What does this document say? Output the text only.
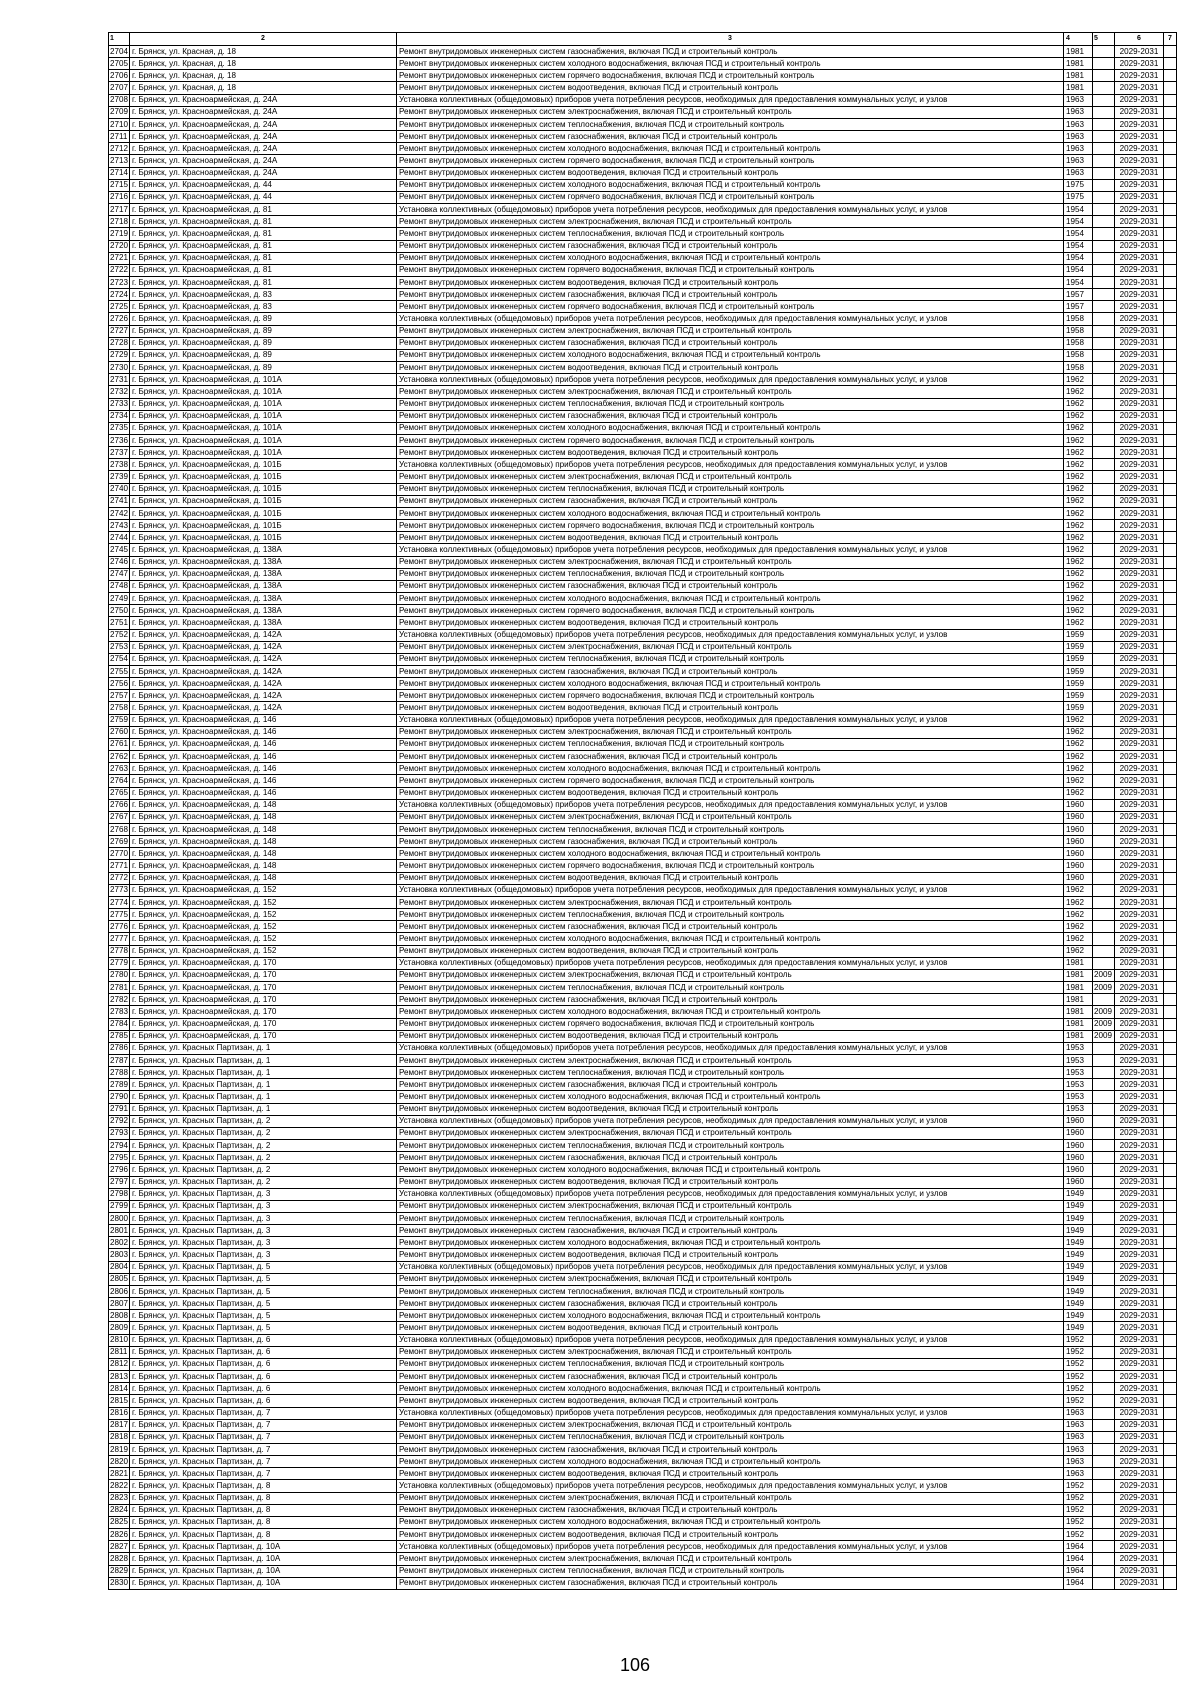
1	2	3	4	5	6	7
2704	г. Брянск, ул. Красная, д. 18	Ремонт внутридомовых инженерных систем газоснабжения, включая ПСД и строительный контроль	1981		2029-2031	
2705	г. Брянск, ул. Красная, д. 18	Ремонт внутридомовых инженерных систем холодного водоснабжения, включая ПСД и строительный контроль	1981		2029-2031	
2706	г. Брянск, ул. Красная, д. 18	Ремонт внутридомовых инженерных систем горячего водоснабжения, включая ПСД и строительный контроль	1981		2029-2031	
2707	г. Брянск, ул. Красная, д. 18	Ремонт внутридомовых инженерных систем водоотведения, включая ПСД и строительный контроль	1981		2029-2031	
2708	г. Брянск, ул. Красноармейская, д. 24А	Установка коллективных (общедомовых) приборов учета потребления ресурсов, необходимых для предоставления коммунальных услуг, и узлов	1963		2029-2031	
2709	г. Брянск, ул. Красноармейская, д. 24А	Ремонт внутридомовых инженерных систем электроснабжения, включая ПСД и строительный контроль	1963		2029-2031	
2710	г. Брянск, ул. Красноармейская, д. 24А	Ремонт внутридомовых инженерных систем теплоснабжения, включая ПСД и строительный контроль	1963		2029-2031	
2711	г. Брянск, ул. Красноармейская, д. 24А	Ремонт внутридомовых инженерных систем газоснабжения, включая ПСД и строительный контроль	1963		2029-2031	
2712	г. Брянск, ул. Красноармейская, д. 24А	Ремонт внутридомовых инженерных систем холодного водоснабжения, включая ПСД и строительный контроль	1963		2029-2031	
2713	г. Брянск, ул. Красноармейская, д. 24А	Ремонт внутридомовых инженерных систем горячего водоснабжения, включая ПСД и строительный контроль	1963		2029-2031	
2714	г. Брянск, ул. Красноармейская, д. 24А	Ремонт внутридомовых инженерных систем водоотведения, включая ПСД и строительный контроль	1963		2029-2031	
2715	г. Брянск, ул. Красноармейская, д. 44	Ремонт внутридомовых инженерных систем холодного водоснабжения, включая ПСД и строительный контроль	1975		2029-2031	
2716	г. Брянск, ул. Красноармейская, д. 44	Ремонт внутридомовых инженерных систем горячего водоснабжения, включая ПСД и строительный контроль	1975		2029-2031	
2717	г. Брянск, ул. Красноармейская, д. 81	Установка коллективных (общедомовых) приборов учета потребления ресурсов, необходимых для предоставления коммунальных услуг, и узлов	1954		2029-2031	
2718	г. Брянск, ул. Красноармейская, д. 81	Ремонт внутридомовых инженерных систем электроснабжения, включая ПСД и строительный контроль	1954		2029-2031	
2719	г. Брянск, ул. Красноармейская, д. 81	Ремонт внутридомовых инженерных систем теплоснабжения, включая ПСД и строительный контроль	1954		2029-2031	
2720	г. Брянск, ул. Красноармейская, д. 81	Ремонт внутридомовых инженерных систем газоснабжения, включая ПСД и строительный контроль	1954		2029-2031	
2721	г. Брянск, ул. Красноармейская, д. 81	Ремонт внутридомовых инженерных систем холодного водоснабжения, включая ПСД и строительный контроль	1954		2029-2031	
2722	г. Брянск, ул. Красноармейская, д. 81	Ремонт внутридомовых инженерных систем горячего водоснабжения, включая ПСД и строительный контроль	1954		2029-2031	
2723	г. Брянск, ул. Красноармейская, д. 81	Ремонт внутридомовых инженерных систем водоотведения, включая ПСД и строительный контроль	1954		2029-2031	
2724	г. Брянск, ул. Красноармейская, д. 83	Ремонт внутридомовых инженерных систем газоснабжения, включая ПСД и строительный контроль	1957		2029-2031	
2725	г. Брянск, ул. Красноармейская, д. 83	Ремонт внутридомовых инженерных систем горячего водоснабжения, включая ПСД и строительный контроль	1957		2029-2031	
2726	г. Брянск, ул. Красноармейская, д. 89	Установка коллективных (общедомовых) приборов учета потребления ресурсов, необходимых для предоставления коммунальных услуг, и узлов	1958		2029-2031	
2727	г. Брянск, ул. Красноармейская, д. 89	Ремонт внутридомовых инженерных систем электроснабжения, включая ПСД и строительный контроль	1958		2029-2031	
2728	г. Брянск, ул. Красноармейская, д. 89	Ремонт внутридомовых инженерных систем газоснабжения, включая ПСД и строительный контроль	1958		2029-2031	
2729	г. Брянск, ул. Красноармейская, д. 89	Ремонт внутридомовых инженерных систем холодного водоснабжения, включая ПСД и строительный контроль	1958		2029-2031	
2730	г. Брянск, ул. Красноармейская, д. 89	Ремонт внутридомовых инженерных систем водоотведения, включая ПСД и строительный контроль	1958		2029-2031	
2731	г. Брянск, ул. Красноармейская, д. 101А	Установка коллективных (общедомовых) приборов учета потребления ресурсов, необходимых для предоставления коммунальных услуг, и узлов	1962		2029-2031	
2732	г. Брянск, ул. Красноармейская, д. 101А	Ремонт внутридомовых инженерных систем электроснабжения, включая ПСД и строительный контроль	1962		2029-2031	
2733	г. Брянск, ул. Красноармейская, д. 101А	Ремонт внутридомовых инженерных систем теплоснабжения, включая ПСД и строительный контроль	1962		2029-2031	
2734	г. Брянск, ул. Красноармейская, д. 101А	Ремонт внутридомовых инженерных систем газоснабжения, включая ПСД и строительный контроль	1962		2029-2031	
2735	г. Брянск, ул. Красноармейская, д. 101А	Ремонт внутридомовых инженерных систем холодного водоснабжения, включая ПСД и строительный контроль	1962		2029-2031	
2736	г. Брянск, ул. Красноармейская, д. 101А	Ремонт внутридомовых инженерных систем горячего водоснабжения, включая ПСД и строительный контроль	1962		2029-2031	
2737	г. Брянск, ул. Красноармейская, д. 101А	Ремонт внутридомовых инженерных систем водоотведения, включая ПСД и строительный контроль	1962		2029-2031	
2738	г. Брянск, ул. Красноармейская, д. 101Б	Установка коллективных (общедомовых) приборов учета потребления ресурсов, необходимых для предоставления коммунальных услуг, и узлов	1962		2029-2031	
2739	г. Брянск, ул. Красноармейская, д. 101Б	Ремонт внутридомовых инженерных систем электроснабжения, включая ПСД и строительный контроль	1962		2029-2031	
2740	г. Брянск, ул. Красноармейская, д. 101Б	Ремонт внутридомовых инженерных систем теплоснабжения, включая ПСД и строительный контроль	1962		2029-2031	
2741	г. Брянск, ул. Красноармейская, д. 101Б	Ремонт внутридомовых инженерных систем газоснабжения, включая ПСД и строительный контроль	1962		2029-2031	
2742	г. Брянск, ул. Красноармейская, д. 101Б	Ремонт внутридомовых инженерных систем холодного водоснабжения, включая ПСД и строительный контроль	1962		2029-2031	
2743	г. Брянск, ул. Красноармейская, д. 101Б	Ремонт внутридомовых инженерных систем горячего водоснабжения, включая ПСД и строительный контроль	1962		2029-2031	
2744	г. Брянск, ул. Красноармейская, д. 101Б	Ремонт внутридомовых инженерных систем водоотведения, включая ПСД и строительный контроль	1962		2029-2031	
2745	г. Брянск, ул. Красноармейская, д. 138А	Установка коллективных (общедомовых) приборов учета потребления ресурсов, необходимых для предоставления коммунальных услуг, и узлов	1962		2029-2031	
2746	г. Брянск, ул. Красноармейская, д. 138А	Ремонт внутридомовых инженерных систем электроснабжения, включая ПСД и строительный контроль	1962		2029-2031	
2747	г. Брянск, ул. Красноармейская, д. 138А	Ремонт внутридомовых инженерных систем теплоснабжения, включая ПСД и строительный контроль	1962		2029-2031	
2748	г. Брянск, ул. Красноармейская, д. 138А	Ремонт внутридомовых инженерных систем газоснабжения, включая ПСД и строительный контроль	1962		2029-2031	
2749	г. Брянск, ул. Красноармейская, д. 138А	Ремонт внутридомовых инженерных систем холодного водоснабжения, включая ПСД и строительный контроль	1962		2029-2031	
2750	г. Брянск, ул. Красноармейская, д. 138А	Ремонт внутридомовых инженерных систем горячего водоснабжения, включая ПСД и строительный контроль	1962		2029-2031	
2751	г. Брянск, ул. Красноармейская, д. 138А	Ремонт внутридомовых инженерных систем водоотведения, включая ПСД и строительный контроль	1962		2029-2031	
2752	г. Брянск, ул. Красноармейская, д. 142А	Установка коллективных (общедомовых) приборов учета потребления ресурсов, необходимых для предоставления коммунальных услуг, и узлов	1959		2029-2031	
2753	г. Брянск, ул. Красноармейская, д. 142А	Ремонт внутридомовых инженерных систем электроснабжения, включая ПСД и строительный контроль	1959		2029-2031	
2754	г. Брянск, ул. Красноармейская, д. 142А	Ремонт внутридомовых инженерных систем теплоснабжения, включая ПСД и строительный контроль	1959		2029-2031	
2755	г. Брянск, ул. Красноармейская, д. 142А	Ремонт внутридомовых инженерных систем газоснабжения, включая ПСД и строительный контроль	1959		2029-2031	
2756	г. Брянск, ул. Красноармейская, д. 142А	Ремонт внутридомовых инженерных систем холодного водоснабжения, включая ПСД и строительный контроль	1959		2029-2031	
2757	г. Брянск, ул. Красноармейская, д. 142А	Ремонт внутридомовых инженерных систем горячего водоснабжения, включая ПСД и строительный контроль	1959		2029-2031	
2758	г. Брянск, ул. Красноармейская, д. 142А	Ремонт внутридомовых инженерных систем водоотведения, включая ПСД и строительный контроль	1959		2029-2031	
2759	г. Брянск, ул. Красноармейская, д. 146	Установка коллективных (общедомовых) приборов учета потребления ресурсов, необходимых для предоставления коммунальных услуг, и узлов	1962		2029-2031	
2760	г. Брянск, ул. Красноармейская, д. 146	Ремонт внутридомовых инженерных систем электроснабжения, включая ПСД и строительный контроль	1962		2029-2031	
2761	г. Брянск, ул. Красноармейская, д. 146	Ремонт внутридомовых инженерных систем теплоснабжения, включая ПСД и строительный контроль	1962		2029-2031	
2762	г. Брянск, ул. Красноармейская, д. 146	Ремонт внутридомовых инженерных систем газоснабжения, включая ПСД и строительный контроль	1962		2029-2031	
2763	г. Брянск, ул. Красноармейская, д. 146	Ремонт внутридомовых инженерных систем холодного водоснабжения, включая ПСД и строительный контроль	1962		2029-2031	
2764	г. Брянск, ул. Красноармейская, д. 146	Ремонт внутридомовых инженерных систем горячего водоснабжения, включая ПСД и строительный контроль	1962		2029-2031	
2765	г. Брянск, ул. Красноармейская, д. 146	Ремонт внутридомовых инженерных систем водоотведения, включая ПСД и строительный контроль	1962		2029-2031	
2766	г. Брянск, ул. Красноармейская, д. 148	Установка коллективных (общедомовых) приборов учета потребления ресурсов, необходимых для предоставления коммунальных услуг, и узлов	1960		2029-2031	
2767	г. Брянск, ул. Красноармейская, д. 148	Ремонт внутридомовых инженерных систем электроснабжения, включая ПСД и строительный контроль	1960		2029-2031	
2768	г. Брянск, ул. Красноармейская, д. 148	Ремонт внутридомовых инженерных систем теплоснабжения, включая ПСД и строительный контроль	1960		2029-2031	
2769	г. Брянск, ул. Красноармейская, д. 148	Ремонт внутридомовых инженерных систем газоснабжения, включая ПСД и строительный контроль	1960		2029-2031	
2770	г. Брянск, ул. Красноармейская, д. 148	Ремонт внутридомовых инженерных систем холодного водоснабжения, включая ПСД и строительный контроль	1960		2029-2031	
2771	г. Брянск, ул. Красноармейская, д. 148	Ремонт внутридомовых инженерных систем горячего водоснабжения, включая ПСД и строительный контроль	1960		2029-2031	
2772	г. Брянск, ул. Красноармейская, д. 148	Ремонт внутридомовых инженерных систем водоотведения, включая ПСД и строительный контроль	1960		2029-2031	
2773	г. Брянск, ул. Красноармейская, д. 152	Установка коллективных (общедомовых) приборов учета потребления ресурсов, необходимых для предоставления коммунальных услуг, и узлов	1962		2029-2031	
2774	г. Брянск, ул. Красноармейская, д. 152	Ремонт внутридомовых инженерных систем электроснабжения, включая ПСД и строительный контроль	1962		2029-2031	
2775	г. Брянск, ул. Красноармейская, д. 152	Ремонт внутридомовых инженерных систем теплоснабжения, включая ПСД и строительный контроль	1962		2029-2031	
2776	г. Брянск, ул. Красноармейская, д. 152	Ремонт внутридомовых инженерных систем газоснабжения, включая ПСД и строительный контроль	1962		2029-2031	
2777	г. Брянск, ул. Красноармейская, д. 152	Ремонт внутридомовых инженерных систем холодного водоснабжения, включая ПСД и строительный контроль	1962		2029-2031	
2778	г. Брянск, ул. Красноармейская, д. 152	Ремонт внутридомовых инженерных систем водоотведения, включая ПСД и строительный контроль	1962		2029-2031	
2779	г. Брянск, ул. Красноармейская, д. 170	Установка коллективных (общедомовых) приборов учета потребления ресурсов, необходимых для предоставления коммунальных услуг, и узлов	1981		2029-2031	
2780	г. Брянск, ул. Красноармейская, д. 170	Ремонт внутридомовых инженерных систем электроснабжения, включая ПСД и строительный контроль	1981	2009	2029-2031	
2781	г. Брянск, ул. Красноармейская, д. 170	Ремонт внутридомовых инженерных систем теплоснабжения, включая ПСД и строительный контроль	1981	2009	2029-2031	
2782	г. Брянск, ул. Красноармейская, д. 170	Ремонт внутридомовых инженерных систем газоснабжения, включая ПСД и строительный контроль	1981		2029-2031	
2783	г. Брянск, ул. Красноармейская, д. 170	Ремонт внутридомовых инженерных систем холодного водоснабжения, включая ПСД и строительный контроль	1981	2009	2029-2031	
2784	г. Брянск, ул. Красноармейская, д. 170	Ремонт внутридомовых инженерных систем горячего водоснабжения, включая ПСД и строительный контроль	1981	2009	2029-2031	
2785	г. Брянск, ул. Красноармейская, д. 170	Ремонт внутридомовых инженерных систем водоотведения, включая ПСД и строительный контроль	1981	2009	2029-2031	
2786	г. Брянск, ул. Красных Партизан, д. 1	Установка коллективных (общедомовых) приборов учета потребления ресурсов, необходимых для предоставления коммунальных услуг, и узлов	1953		2029-2031	
2787	г. Брянск, ул. Красных Партизан, д. 1	Ремонт внутридомовых инженерных систем электроснабжения, включая ПСД и строительный контроль	1953		2029-2031	
2788	г. Брянск, ул. Красных Партизан, д. 1	Ремонт внутридомовых инженерных систем теплоснабжения, включая ПСД и строительный контроль	1953		2029-2031	
2789	г. Брянск, ул. Красных Партизан, д. 1	Ремонт внутридомовых инженерных систем газоснабжения, включая ПСД и строительный контроль	1953		2029-2031	
2790	г. Брянск, ул. Красных Партизан, д. 1	Ремонт внутридомовых инженерных систем холодного водоснабжения, включая ПСД и строительный контроль	1953		2029-2031	
2791	г. Брянск, ул. Красных Партизан, д. 1	Ремонт внутридомовых инженерных систем водоотведения, включая ПСД и строительный контроль	1953		2029-2031	
2792	г. Брянск, ул. Красных Партизан, д. 2	Установка коллективных (общедомовых) приборов учета потребления ресурсов, необходимых для предоставления коммунальных услуг, и узлов	1960		2029-2031	
2793	г. Брянск, ул. Красных Партизан, д. 2	Ремонт внутридомовых инженерных систем электроснабжения, включая ПСД и строительный контроль	1960		2029-2031	
2794	г. Брянск, ул. Красных Партизан, д. 2	Ремонт внутридомовых инженерных систем теплоснабжения, включая ПСД и строительный контроль	1960		2029-2031	
2795	г. Брянск, ул. Красных Партизан, д. 2	Ремонт внутридомовых инженерных систем газоснабжения, включая ПСД и строительный контроль	1960		2029-2031	
2796	г. Брянск, ул. Красных Партизан, д. 2	Ремонт внутридомовых инженерных систем холодного водоснабжения, включая ПСД и строительный контроль	1960		2029-2031	
2797	г. Брянск, ул. Красных Партизан, д. 2	Ремонт внутридомовых инженерных систем водоотведения, включая ПСД и строительный контроль	1960		2029-2031	
2798	г. Брянск, ул. Красных Партизан, д. 3	Установка коллективных (общедомовых) приборов учета потребления ресурсов, необходимых для предоставления коммунальных услуг, и узлов	1949		2029-2031	
2799	г. Брянск, ул. Красных Партизан, д. 3	Ремонт внутридомовых инженерных систем электроснабжения, включая ПСД и строительный контроль	1949		2029-2031	
2800	г. Брянск, ул. Красных Партизан, д. 3	Ремонт внутридомовых инженерных систем теплоснабжения, включая ПСД и строительный контроль	1949		2029-2031	
2801	г. Брянск, ул. Красных Партизан, д. 3	Ремонт внутридомовых инженерных систем газоснабжения, включая ПСД и строительный контроль	1949		2029-2031	
2802	г. Брянск, ул. Красных Партизан, д. 3	Ремонт внутридомовых инженерных систем холодного водоснабжения, включая ПСД и строительный контроль	1949		2029-2031	
2803	г. Брянск, ул. Красных Партизан, д. 3	Ремонт внутридомовых инженерных систем водоотведения, включая ПСД и строительный контроль	1949		2029-2031	
2804	г. Брянск, ул. Красных Партизан, д. 5	Установка коллективных (общедомовых) приборов учета потребления ресурсов, необходимых для предоставления коммунальных услуг, и узлов	1949		2029-2031	
2805	г. Брянск, ул. Красных Партизан, д. 5	Ремонт внутридомовых инженерных систем электроснабжения, включая ПСД и строительный контроль	1949		2029-2031	
2806	г. Брянск, ул. Красных Партизан, д. 5	Ремонт внутридомовых инженерных систем теплоснабжения, включая ПСД и строительный контроль	1949		2029-2031	
2807	г. Брянск, ул. Красных Партизан, д. 5	Ремонт внутридомовых инженерных систем газоснабжения, включая ПСД и строительный контроль	1949		2029-2031	
2808	г. Брянск, ул. Красных Партизан, д. 5	Ремонт внутридомовых инженерных систем холодного водоснабжения, включая ПСД и строительный контроль	1949		2029-2031	
2809	г. Брянск, ул. Красных Партизан, д. 5	Ремонт внутридомовых инженерных систем водоотведения, включая ПСД и строительный контроль	1949		2029-2031	
2810	г. Брянск, ул. Красных Партизан, д. 6	Установка коллективных (общедомовых) приборов учета потребления ресурсов, необходимых для предоставления коммунальных услуг, и узлов	1952		2029-2031	
2811	г. Брянск, ул. Красных Партизан, д. 6	Ремонт внутридомовых инженерных систем электроснабжения, включая ПСД и строительный контроль	1952		2029-2031	
2812	г. Брянск, ул. Красных Партизан, д. 6	Ремонт внутридомовых инженерных систем теплоснабжения, включая ПСД и строительный контроль	1952		2029-2031	
2813	г. Брянск, ул. Красных Партизан, д. 6	Ремонт внутридомовых инженерных систем газоснабжения, включая ПСД и строительный контроль	1952		2029-2031	
2814	г. Брянск, ул. Красных Партизан, д. 6	Ремонт внутридомовых инженерных систем холодного водоснабжения, включая ПСД и строительный контроль	1952		2029-2031	
2815	г. Брянск, ул. Красных Партизан, д. 6	Ремонт внутридомовых инженерных систем водоотведения, включая ПСД и строительный контроль	1952		2029-2031	
2816	г. Брянск, ул. Красных Партизан, д. 7	Установка коллективных (общедомовых) приборов учета потребления ресурсов, необходимых для предоставления коммунальных услуг, и узлов	1963		2029-2031	
2817	г. Брянск, ул. Красных Партизан, д. 7	Ремонт внутридомовых инженерных систем электроснабжения, включая ПСД и строительный контроль	1963		2029-2031	
2818	г. Брянск, ул. Красных Партизан, д. 7	Ремонт внутридомовых инженерных систем теплоснабжения, включая ПСД и строительный контроль	1963		2029-2031	
2819	г. Брянск, ул. Красных Партизан, д. 7	Ремонт внутридомовых инженерных систем газоснабжения, включая ПСД и строительный контроль	1963		2029-2031	
2820	г. Брянск, ул. Красных Партизан, д. 7	Ремонт внутридомовых инженерных систем холодного водоснабжения, включая ПСД и строительный контроль	1963		2029-2031	
2821	г. Брянск, ул. Красных Партизан, д. 7	Ремонт внутридомовых инженерных систем водоотведения, включая ПСД и строительный контроль	1963		2029-2031	
2822	г. Брянск, ул. Красных Партизан, д. 8	Установка коллективных (общедомовых) приборов учета потребления ресурсов, необходимых для предоставления коммунальных услуг, и узлов	1952		2029-2031	
2823	г. Брянск, ул. Красных Партизан, д. 8	Ремонт внутридомовых инженерных систем электроснабжения, включая ПСД и строительный контроль	1952		2029-2031	
2824	г. Брянск, ул. Красных Партизан, д. 8	Ремонт внутридомовых инженерных систем газоснабжения, включая ПСД и строительный контроль	1952		2029-2031	
2825	г. Брянск, ул. Красных Партизан, д. 8	Ремонт внутридомовых инженерных систем холодного водоснабжения, включая ПСД и строительный контроль	1952		2029-2031	
2826	г. Брянск, ул. Красных Партизан, д. 8	Ремонт внутридомовых инженерных систем водоотведения, включая ПСД и строительный контроль	1952		2029-2031	
2827	г. Брянск, ул. Красных Партизан, д. 10А	Установка коллективных (общедомовых) приборов учета потребления ресурсов, необходимых для предоставления коммунальных услуг, и узлов	1964		2029-2031	
2828	г. Брянск, ул. Красных Партизан, д. 10А	Ремонт внутридомовых инженерных систем электроснабжения, включая ПСД и строительный контроль	1964		2029-2031	
2829	г. Брянск, ул. Красных Партизан, д. 10А	Ремонт внутридомовых инженерных систем теплоснабжения, включая ПСД и строительный контроль	1964		2029-2031	
2830	г. Брянск, ул. Красных Партизан, д. 10А	Ремонт внутридомовых инженерных систем газоснабжения, включая ПСД и строительный контроль	1964		2029-2031	
106
